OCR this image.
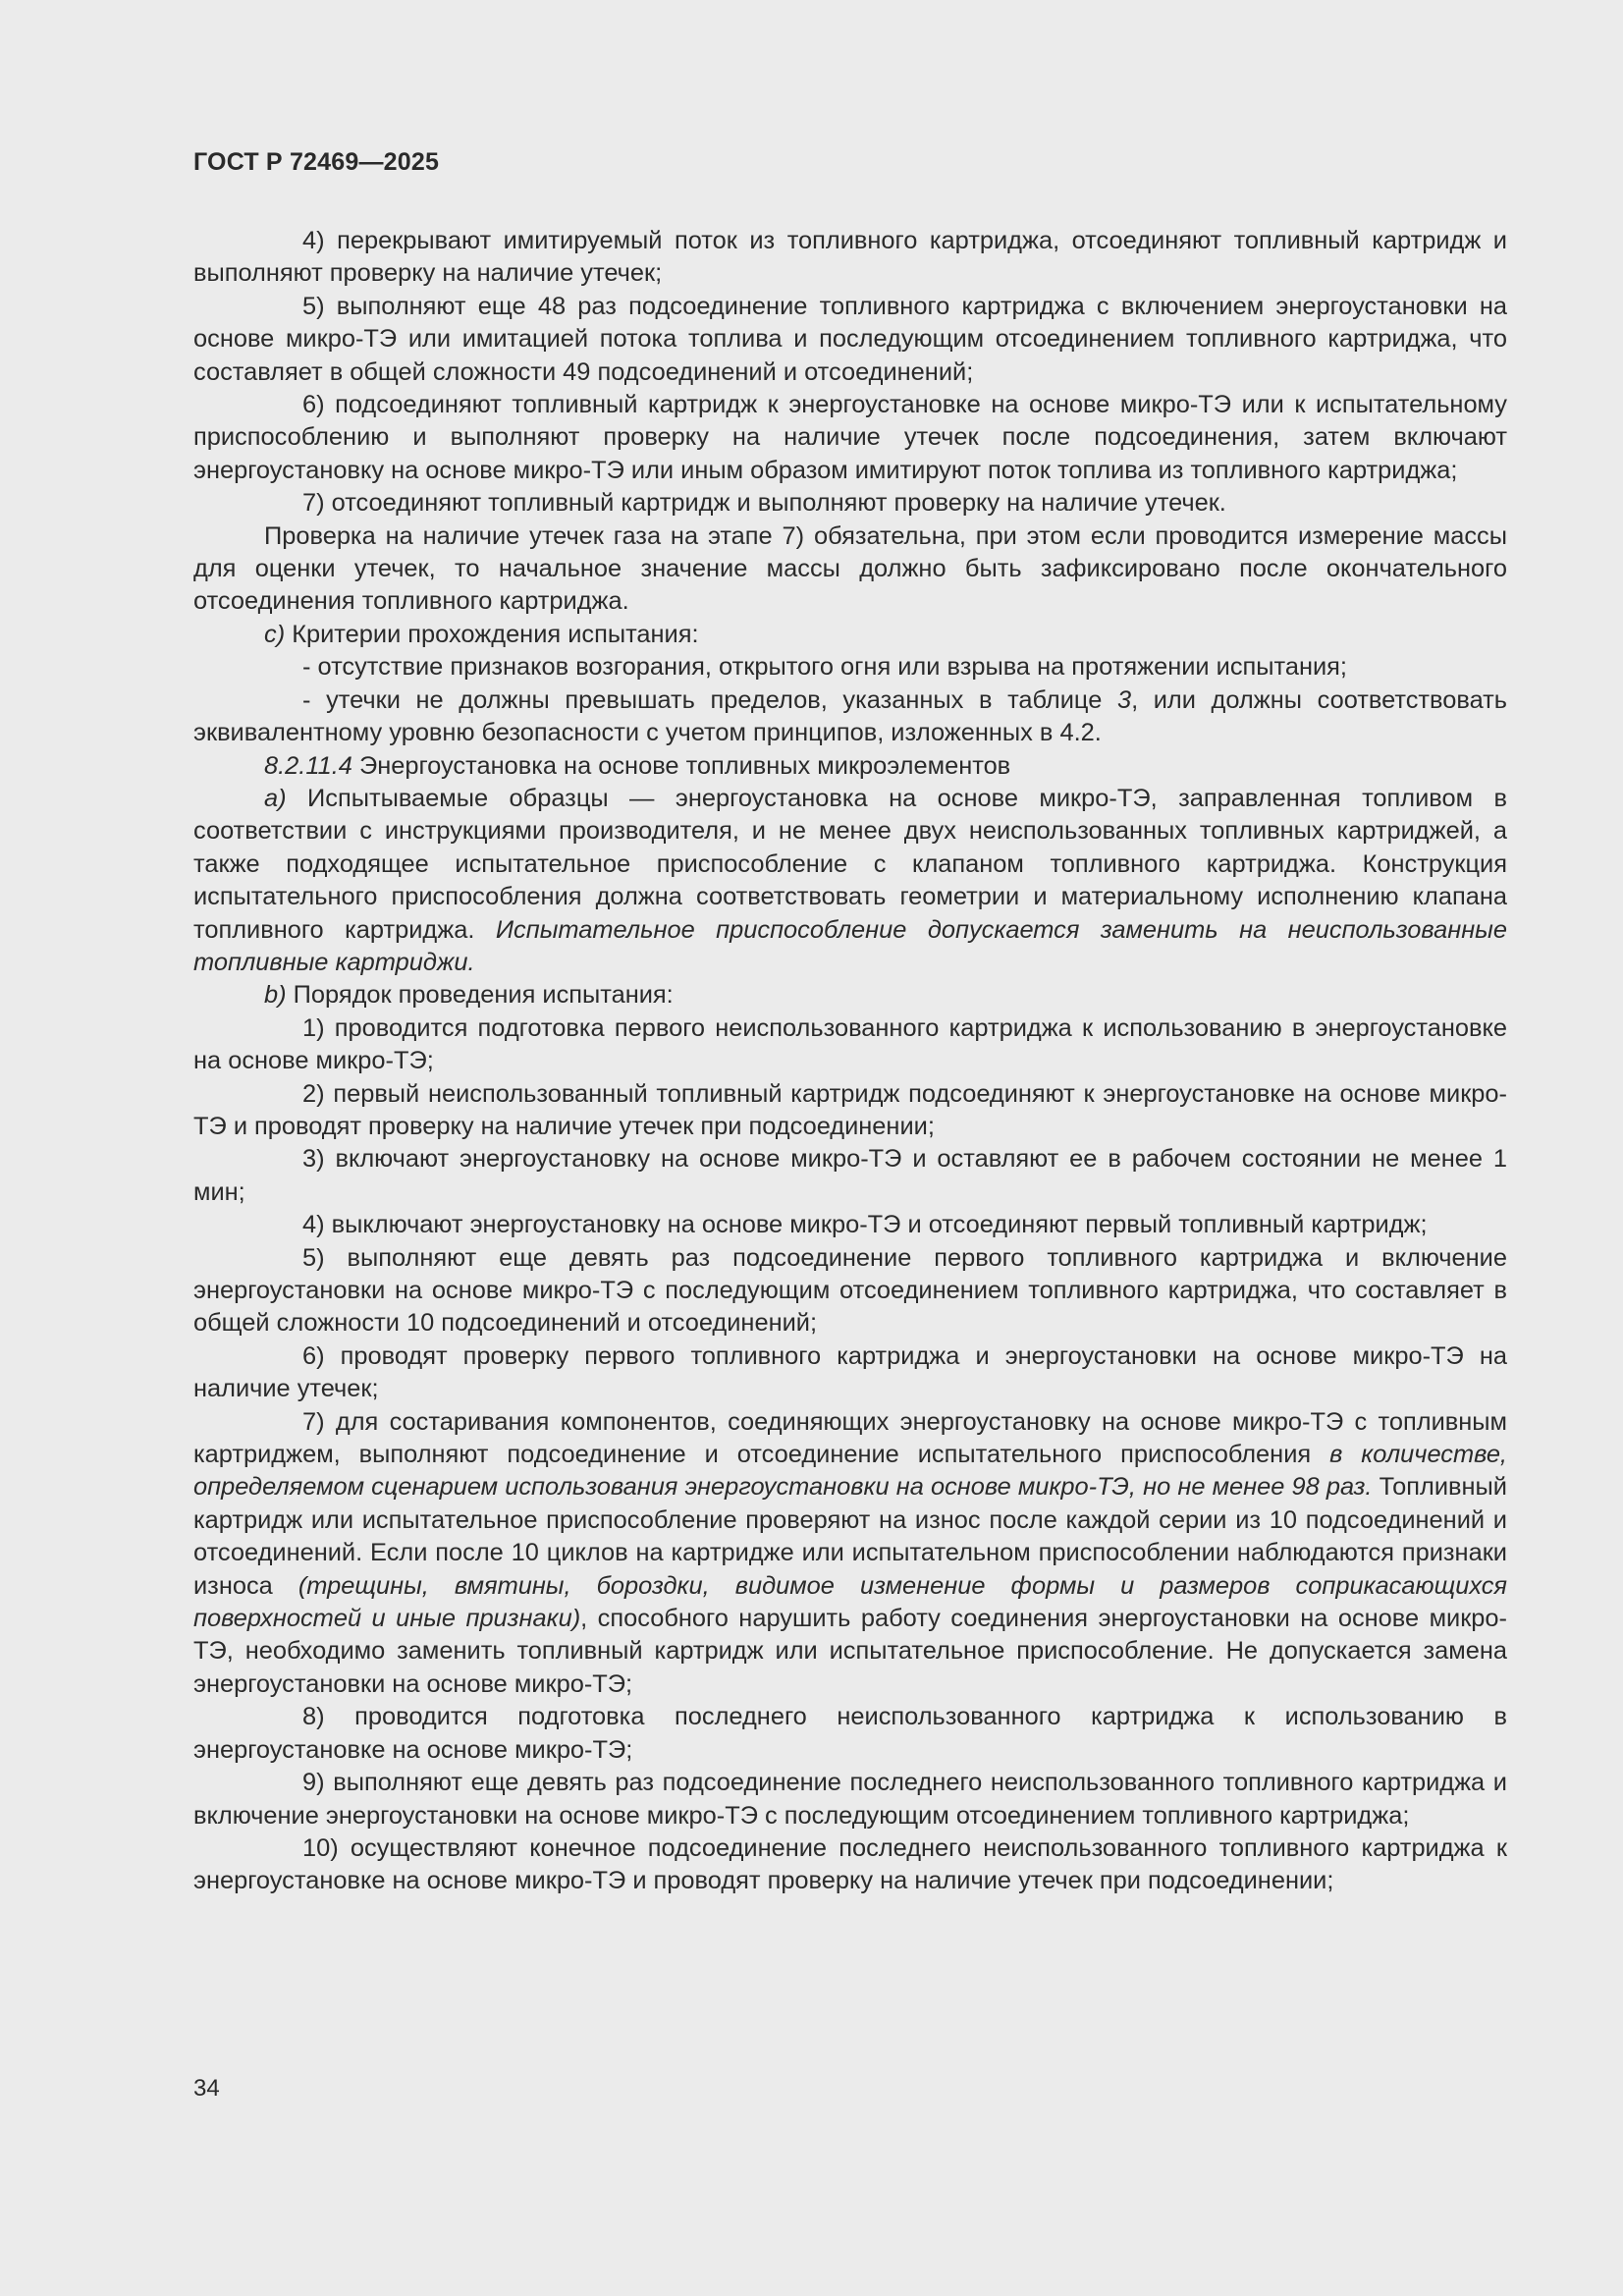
ГОСТ Р 72469—2025

4) перекрывают имитируемый поток из топливного картриджа, отсоединяют топливный картридж и выполняют проверку на наличие утечек;

5) выполняют еще 48 раз подсоединение топливного картриджа с включением энергоустановки на основе микро-ТЭ или имитацией потока топлива и последующим отсоединением топливного картриджа, что составляет в общей сложности 49 подсоединений и отсоединений;

6) подсоединяют топливный картридж к энергоустановке на основе микро-ТЭ или к испытательному приспособлению и выполняют проверку на наличие утечек после подсоединения, затем включают энергоустановку на основе микро-ТЭ или иным образом имитируют поток топлива из топливного картриджа;

7) отсоединяют топливный картридж и выполняют проверку на наличие утечек.

Проверка на наличие утечек газа на этапе 7) обязательна, при этом если проводится измерение массы для оценки утечек, то начальное значение массы должно быть зафиксировано после окончательного отсоединения топливного картриджа.

c) Критерии прохождения испытания:

- отсутствие признаков возгорания, открытого огня или взрыва на протяжении испытания;

- утечки не должны превышать пределов, указанных в таблице 3, или должны соответствовать эквивалентному уровню безопасности с учетом принципов, изложенных в 4.2.

8.2.11.4 Энергоустановка на основе топливных микроэлементов

a) Испытываемые образцы — энергоустановка на основе микро-ТЭ, заправленная топливом в соответствии с инструкциями производителя, и не менее двух неиспользованных топливных картриджей, а также подходящее испытательное приспособление с клапаном топливного картриджа. Конструкция испытательного приспособления должна соответствовать геометрии и материальному исполнению клапана топливного картриджа. Испытательное приспособление допускается заменить на неиспользованные топливные картриджи.

b) Порядок проведения испытания:

1) проводится подготовка первого неиспользованного картриджа к использованию в энергоустановке на основе микро-ТЭ;

2) первый неиспользованный топливный картридж подсоединяют к энергоустановке на основе микро-ТЭ и проводят проверку на наличие утечек при подсоединении;

3) включают энергоустановку на основе микро-ТЭ и оставляют ее в рабочем состоянии не менее 1 мин;

4) выключают энергоустановку на основе микро-ТЭ и отсоединяют первый топливный картридж;

5) выполняют еще девять раз подсоединение первого топливного картриджа и включение энергоустановки на основе микро-ТЭ с последующим отсоединением топливного картриджа, что составляет в общей сложности 10 подсоединений и отсоединений;

6) проводят проверку первого топливного картриджа и энергоустановки на основе микро-ТЭ на наличие утечек;

7) для состаривания компонентов, соединяющих энергоустановку на основе микро-ТЭ с топливным картриджем, выполняют подсоединение и отсоединение испытательного приспособления в количестве, определяемом сценарием использования энергоустановки на основе микро-ТЭ, но не менее 98 раз. Топливный картридж или испытательное приспособление проверяют на износ после каждой серии из 10 подсоединений и отсоединений. Если после 10 циклов на картридже или испытательном приспособлении наблюдаются признаки износа (трещины, вмятины, бороздки, видимое изменение формы и размеров соприкасающихся поверхностей и иные признаки), способного нарушить работу соединения энергоустановки на основе микро-ТЭ, необходимо заменить топливный картридж или испытательное приспособление. Не допускается замена энергоустановки на основе микро-ТЭ;

8) проводится подготовка последнего неиспользованного картриджа к использованию в энергоустановке на основе микро-ТЭ;

9) выполняют еще девять раз подсоединение последнего неиспользованного топливного картриджа и включение энергоустановки на основе микро-ТЭ с последующим отсоединением топливного картриджа;

10) осуществляют конечное подсоединение последнего неиспользованного топливного картриджа к энергоустановке на основе микро-ТЭ и проводят проверку на наличие утечек при подсоединении;

34
